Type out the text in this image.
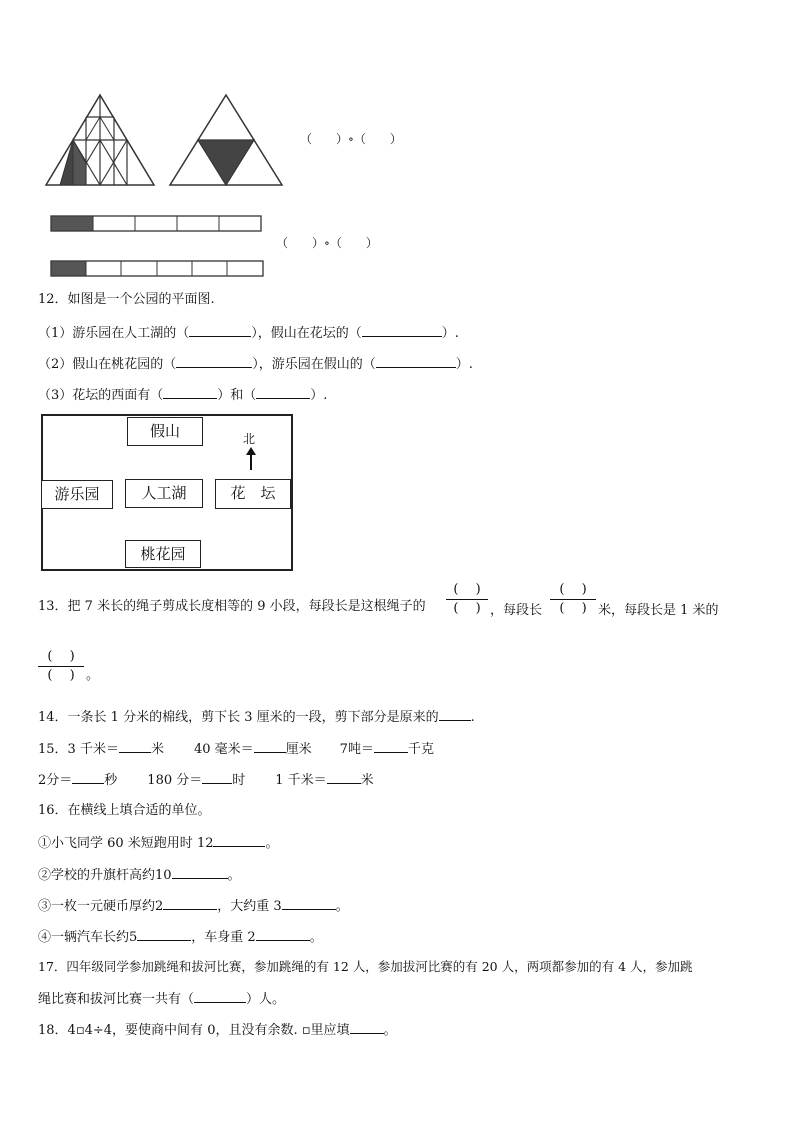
（　　）∘（　　）
（　　）∘（　　）
12．如图是一个公园的平面图.
（1）游乐园在人工湖的（	），假山在花坛的（	）.
（2）假山在桃花园的（	），游乐园在假山的（	）.
（3）花坛的西面有（	）和（	）.
假山	北
游乐园	人工湖	花　坛
桃花园
13．把 7 米长的绳子剪成长度相等的 9 小段，每段长是这根绳子的
(　 )
(　 ) ，每段长
(　 )
(　 ) 米，每段长是 1 米的
(　 )
(　 ) 。
14．一条长 1 分米的棉线，剪下长 3 厘米的一段，剪下部分是原来的 .
15．3 千米＝ 米 40 毫米＝ 厘米 7吨＝	千克
2分＝ 秒 180 分＝ 时 1 千米＝	米
16．在横线上填合适的单位。
①小飞同学 60 米短跑用时 12	。
②学校的升旗杆高约10	。
③一枚一元硬币厚约2	，大约重 3	。
④一辆汽车长约5	，车身重 2	。
17．四年级同学参加跳绳和拔河比赛，参加跳绳的有 12 人，参加拔河比赛的有 20 人，两项都参加的有 4 人，参加跳
绳比赛和拔河比赛一共有（	）人。
18．4▫4÷4，要使商中间有 0，且没有余数. ▫里应填	。
